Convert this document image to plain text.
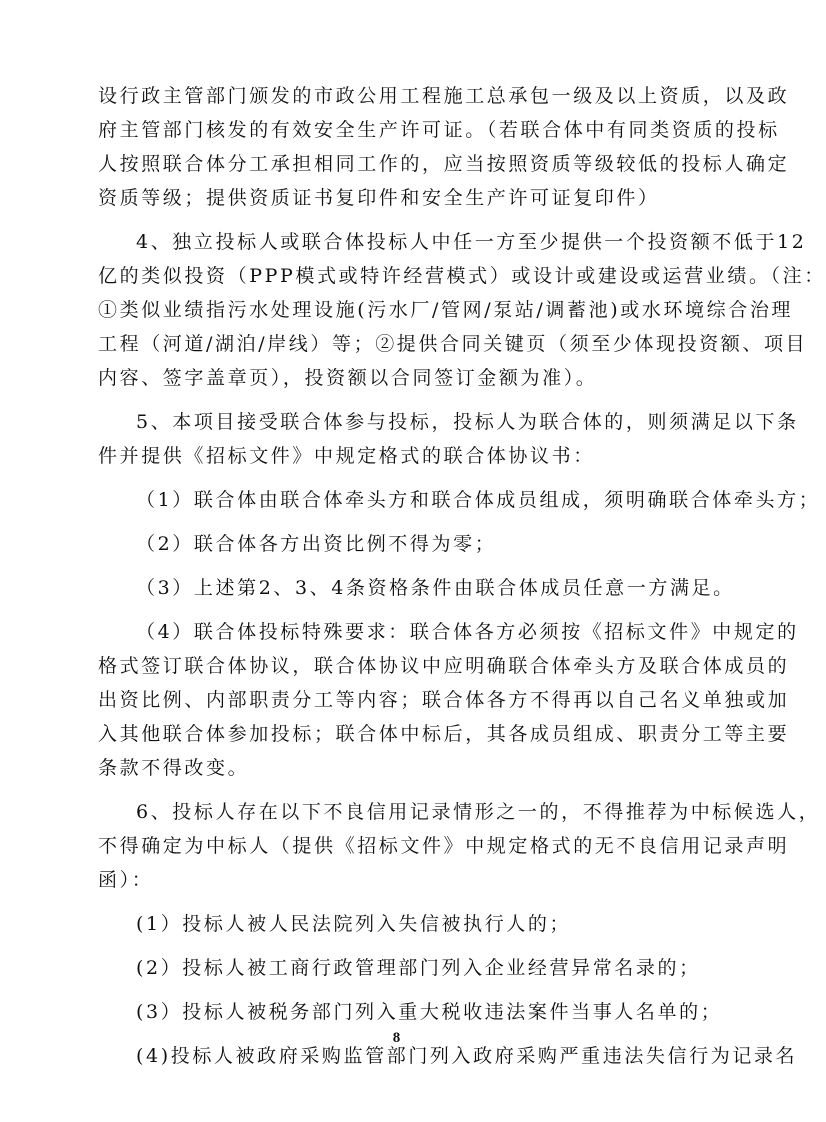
设行政主管部门颁发的市政公用工程施工总承包一级及以上资质，以及政
府主管部门核发的有效安全生产许可证。（若联合体中有同类资质的投标
人按照联合体分工承担相同工作的，应当按照资质等级较低的投标人确定
资质等级；提供资质证书复印件和安全生产许可证复印件）
4、独立投标人或联合体投标人中任一方至少提供一个投资额不低于12
亿的类似投资（PPP模式或特许经营模式）或设计或建设或运营业绩。（注：
①类似业绩指污水处理设施(污水厂/管网/泵站/调蓄池)或水环境综合治理
工程（河道/湖泊/岸线）等；②提供合同关键页（须至少体现投资额、项目
内容、签字盖章页），投资额以合同签订金额为准）。
5、本项目接受联合体参与投标，投标人为联合体的，则须满足以下条
件并提供《招标文件》中规定格式的联合体协议书：
（1）联合体由联合体牵头方和联合体成员组成，须明确联合体牵头方；
（2）联合体各方出资比例不得为零；
（3）上述第2、3、4条资格条件由联合体成员任意一方满足。
（4）联合体投标特殊要求：联合体各方必须按《招标文件》中规定的
格式签订联合体协议，联合体协议中应明确联合体牵头方及联合体成员的
出资比例、内部职责分工等内容；联合体各方不得再以自己名义单独或加
入其他联合体参加投标；联合体中标后，其各成员组成、职责分工等主要
条款不得改变。
6、投标人存在以下不良信用记录情形之一的，不得推荐为中标候选人，
不得确定为中标人（提供《招标文件》中规定格式的无不良信用记录声明
函）：
(1）投标人被人民法院列入失信被执行人的；
(2）投标人被工商行政管理部门列入企业经营异常名录的；
(3）投标人被税务部门列入重大税收违法案件当事人名单的；
(4)投标人被政府采购监管部门列入政府采购严重违法失信行为记录名
8
